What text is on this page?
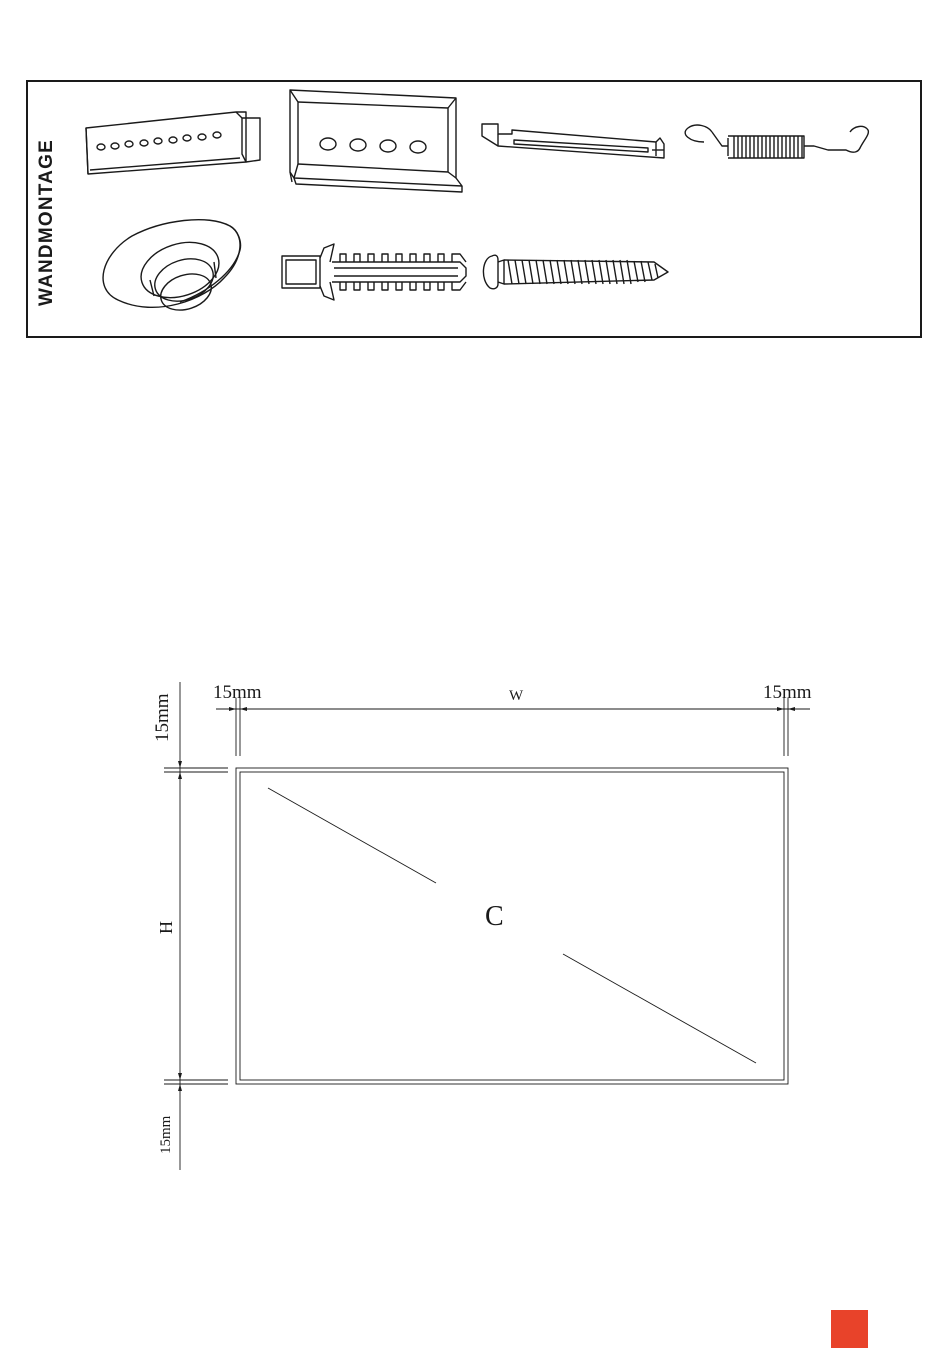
WANDMONTAGE
15mm	15mm
W
15mm
15mm
H	C
